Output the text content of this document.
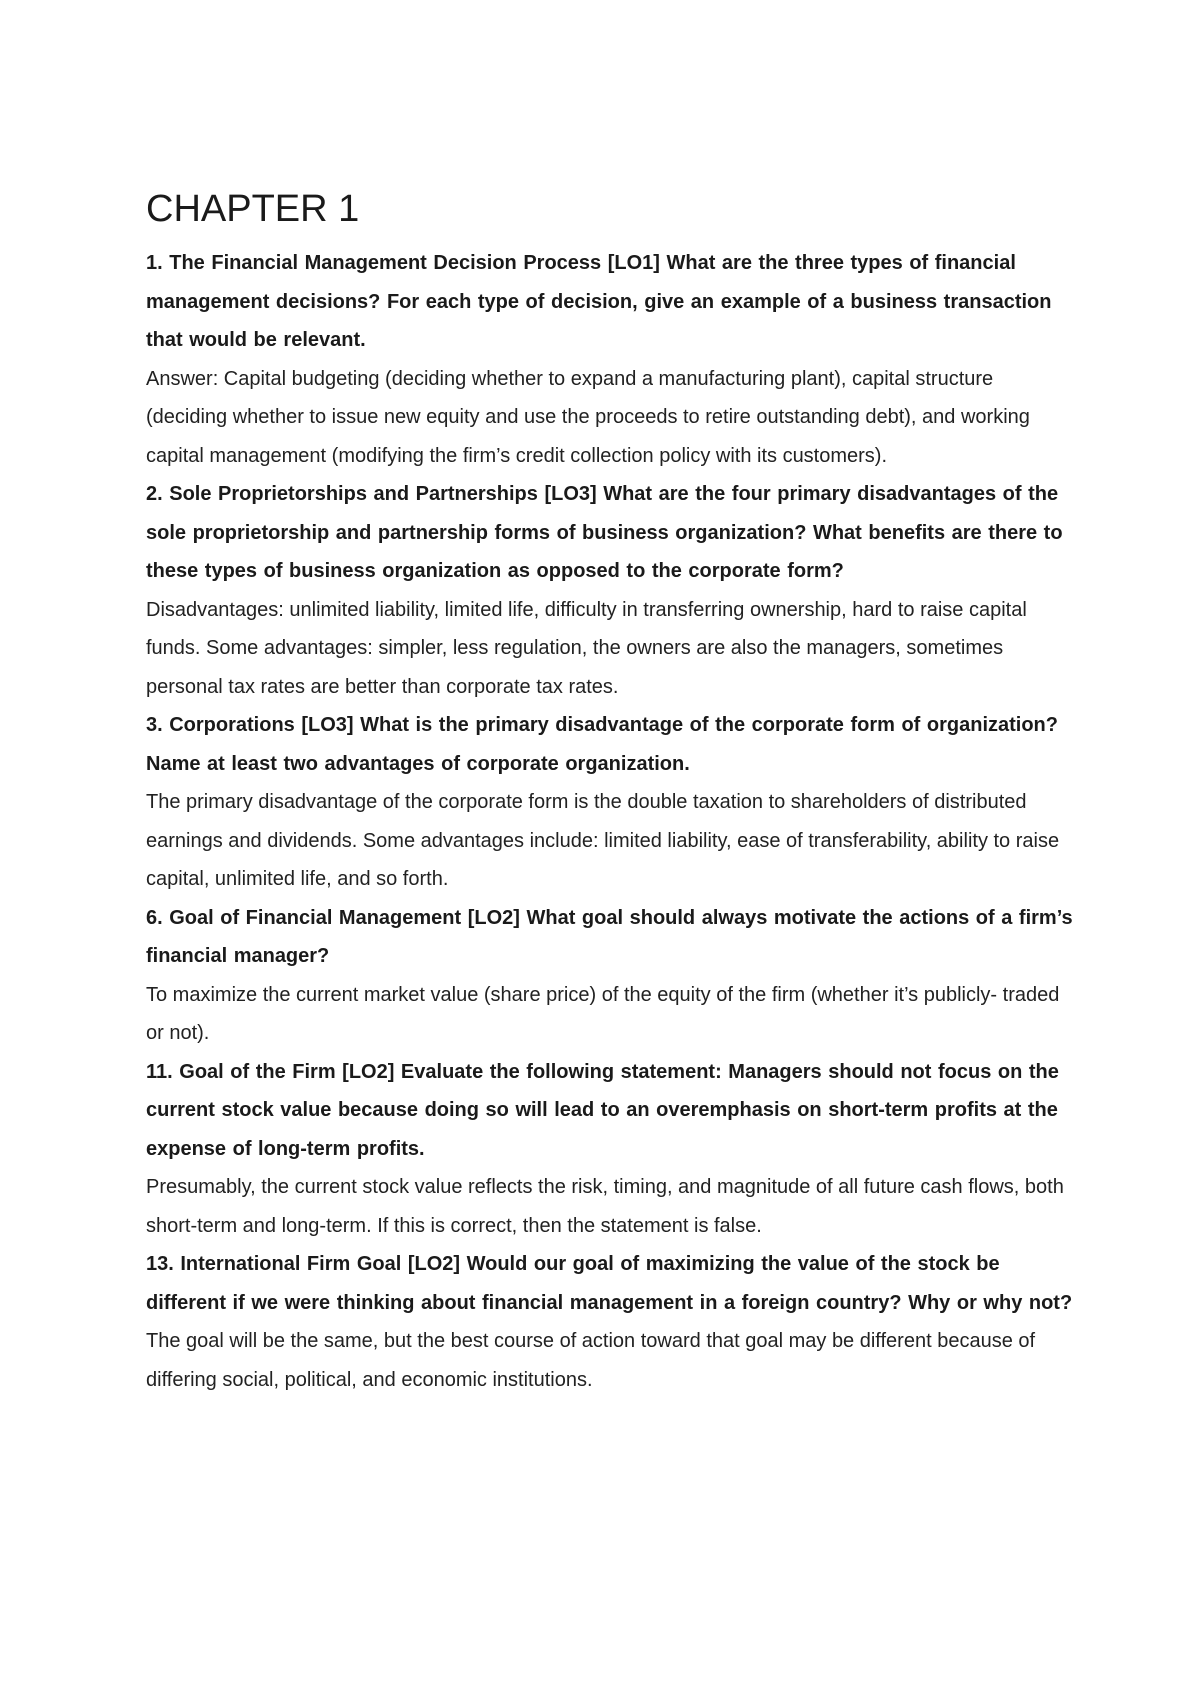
CHAPTER 1

1. The Financial Management Decision Process [LO1] What are the three types of financial management decisions? For each type of decision, give an example of a business transaction that would be relevant.

Answer: Capital budgeting (deciding whether to expand a manufacturing plant), capital structure (deciding whether to issue new equity and use the proceeds to retire outstanding debt), and working capital management (modifying the firm’s credit collection policy with its customers).

2. Sole Proprietorships and Partnerships [LO3] What are the four primary disadvantages of the sole proprietorship and partnership forms of business organization? What benefits are there to these types of business organization as opposed to the corporate form?

Disadvantages: unlimited liability, limited life, difficulty in transferring ownership, hard to raise capital funds. Some advantages: simpler, less regulation, the owners are also the managers, sometimes personal tax rates are better than corporate tax rates.

3. Corporations [LO3] What is the primary disadvantage of the corporate form of organization? Name at least two advantages of corporate organization.

The primary disadvantage of the corporate form is the double taxation to shareholders of distributed earnings and dividends. Some advantages include: limited liability, ease of transferability, ability to raise capital, unlimited life, and so forth.

6. Goal of Financial Management [LO2] What goal should always motivate the actions of a firm’s financial manager?

To maximize the current market value (share price) of the equity of the firm (whether it’s publicly- traded or not).

11. Goal of the Firm [LO2] Evaluate the following statement: Managers should not focus on the current stock value because doing so will lead to an overemphasis on short-term profits at the expense of long-term profits.

Presumably, the current stock value reflects the risk, timing, and magnitude of all future cash flows, both short-term and long-term. If this is correct, then the statement is false.

13. International Firm Goal [LO2] Would our goal of maximizing the value of the stock be different if we were thinking about financial management in a foreign country? Why or why not?

The goal will be the same, but the best course of action toward that goal may be different because of differing social, political, and economic institutions.
